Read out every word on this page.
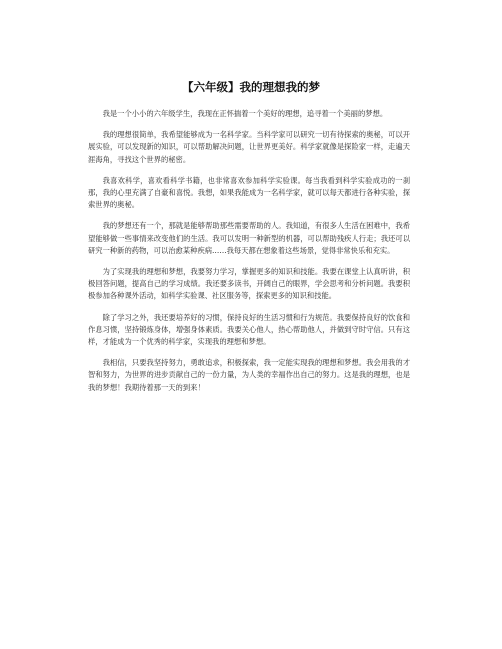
【六年级】我的理想我的梦

我是一个小小的六年级学生，我现在正怀揣着一个美好的理想，追寻着一个美丽的梦想。

我的理想很简单，我希望能够成为一名科学家。当科学家可以研究一切有待探索的奥秘，可以开展实验，可以发现新的知识，可以帮助解决问题，让世界更美好。科学家就像是探险家一样，走遍天涯海角，寻找这个世界的秘密。

我喜欢科学，喜欢看科学书籍，也非常喜欢参加科学实验课。每当我看到科学实验成功的一刹那，我的心里充满了自豪和喜悦。我想，如果我能成为一名科学家，就可以每天都进行各种实验，探索世界的奥秘。

我的梦想还有一个，那就是能够帮助那些需要帮助的人。我知道，有很多人生活在困难中，我希望能够做一些事情来改变他们的生活。我可以发明一种新型的机器，可以帮助残疾人行走；我还可以研究一种新的药物，可以治愈某种疾病……我每天都在想象着这些场景，觉得非常快乐和充实。

为了实现我的理想和梦想，我要努力学习，掌握更多的知识和技能。我要在课堂上认真听讲，积极回答问题，提高自己的学习成绩。我还要多读书，开阔自己的眼界，学会思考和分析问题。我要积极参加各种课外活动，如科学实验课、社区服务等，探索更多的知识和技能。

除了学习之外，我还要培养好的习惯，保持良好的生活习惯和行为规范。我要保持良好的饮食和作息习惯，坚持锻炼身体，增强身体素质。我要关心他人，热心帮助他人，并做到守时守信。只有这样，才能成为一个优秀的科学家，实现我的理想和梦想。

我相信，只要我坚持努力，勇敢追求，积极探索，我一定能实现我的理想和梦想。我会用我的才智和努力，为世界的进步贡献自己的一份力量，为人类的幸福作出自己的努力。这是我的理想，也是我的梦想！我期待着那一天的到来！
